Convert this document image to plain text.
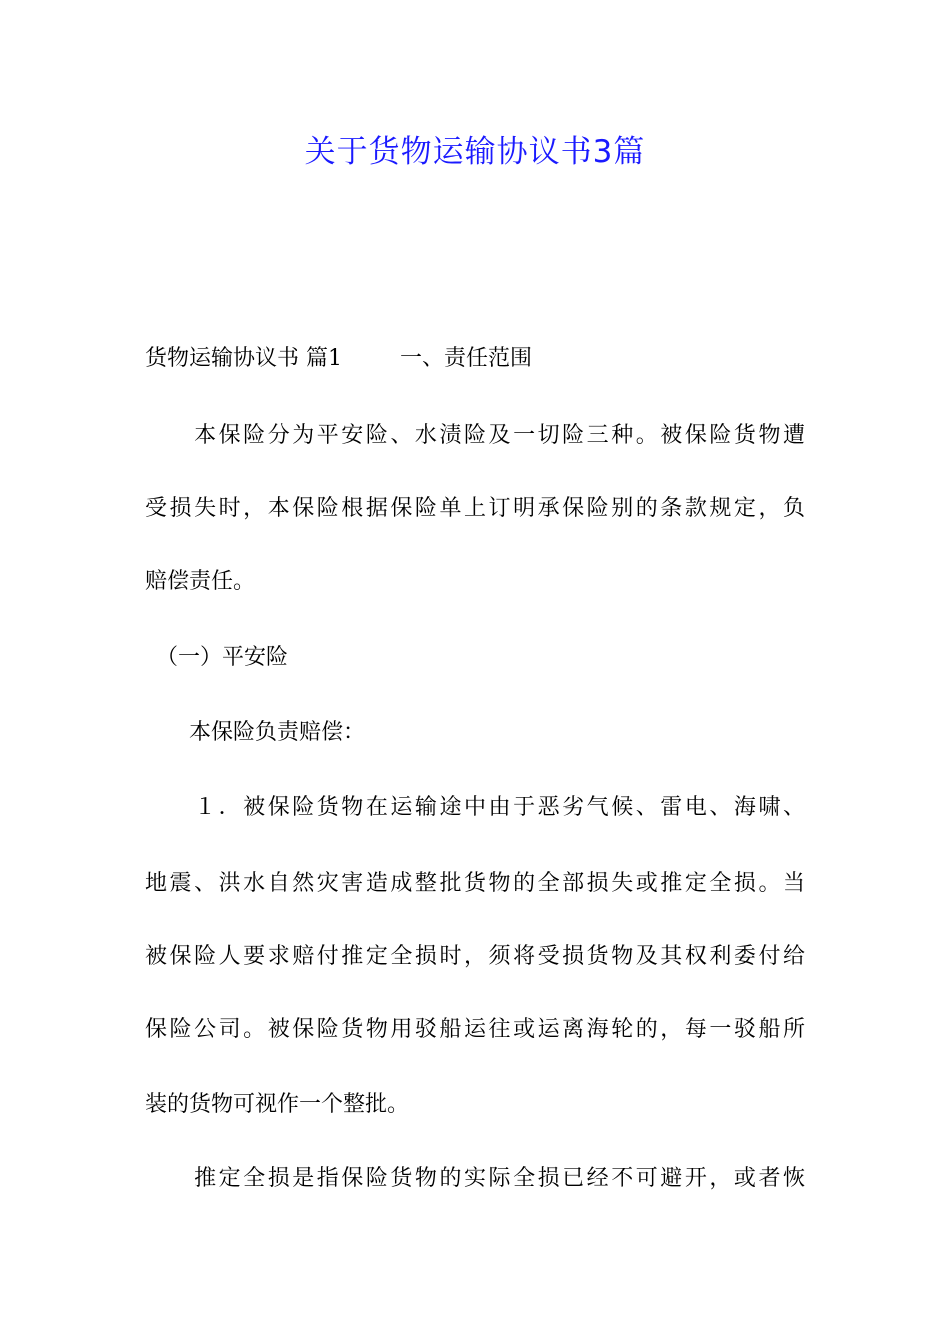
关于货物运输协议书3篇
货物运输协议书 篇1	一、责任范围
　　本保险分为平安险、水渍险及一切险三种。被保险货物遭
受损失时，本保险根据保险单上订明承保险别的条款规定，负
赔偿责任。
　（一）平安险
　　本保险负责赔偿：
　　１．被保险货物在运输途中由于恶劣气候、雷电、海啸、
地震、洪水自然灾害造成整批货物的全部损失或推定全损。当
被保险人要求赔付推定全损时，须将受损货物及其权利委付给
保险公司。被保险货物用驳船运往或运离海轮的，每一驳船所
装的货物可视作一个整批。
　　推定全损是指保险货物的实际全损已经不可避开，或者恢
